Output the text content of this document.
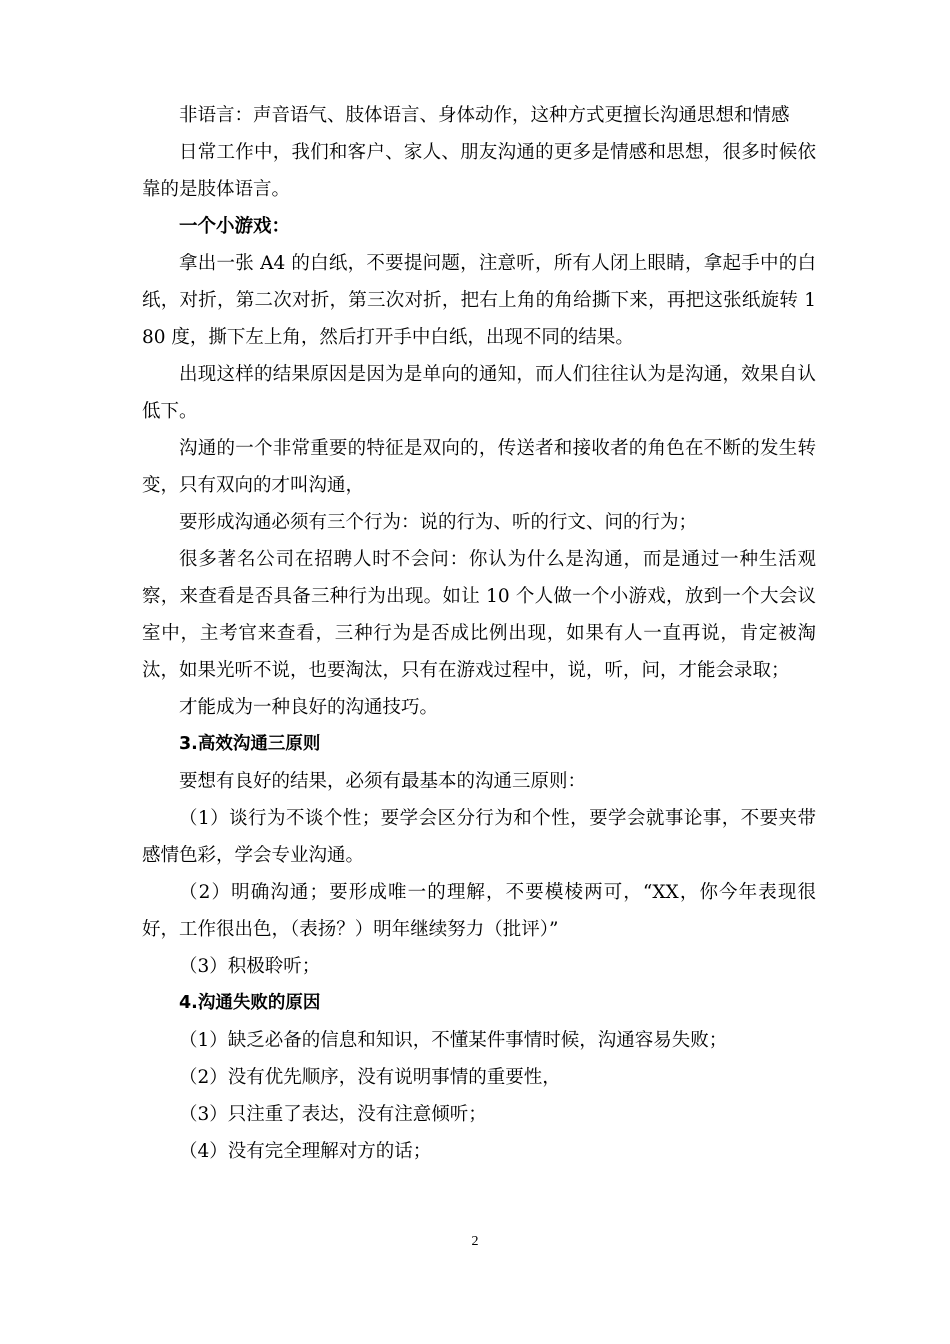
非语言：声音语气、肢体语言、身体动作，这种方式更擅长沟通思想和情感

日常工作中，我们和客户、家人、朋友沟通的更多是情感和思想，很多时候依靠的是肢体语言。

一个小游戏：

拿出一张 A4 的白纸，不要提问题，注意听，所有人闭上眼睛，拿起手中的白纸，对折，第二次对折，第三次对折，把右上角的角给撕下来，再把这张纸旋转 180 度，撕下左上角，然后打开手中白纸，出现不同的结果。

出现这样的结果原因是因为是单向的通知，而人们往往认为是沟通，效果自认低下。

沟通的一个非常重要的特征是双向的，传送者和接收者的角色在不断的发生转变，只有双向的才叫沟通，

要形成沟通必须有三个行为：说的行为、听的行文、问的行为；

很多著名公司在招聘人时不会问：你认为什么是沟通，而是通过一种生活观察，来查看是否具备三种行为出现。如让 10 个人做一个小游戏，放到一个大会议室中，主考官来查看，三种行为是否成比例出现，如果有人一直再说，肯定被淘汰，如果光听不说，也要淘汰，只有在游戏过程中，说，听，问，才能会录取；

才能成为一种良好的沟通技巧。

3.高效沟通三原则

要想有良好的结果，必须有最基本的沟通三原则：

（1）谈行为不谈个性；要学会区分行为和个性，要学会就事论事，不要夹带感情色彩，学会专业沟通。

（2）明确沟通；要形成唯一的理解，不要模棱两可，“XX，你今年表现很好，工作很出色，（表扬？）明年继续努力（批评）”

（3）积极聆听；

4.沟通失败的原因

（1）缺乏必备的信息和知识，不懂某件事情时候，沟通容易失败；

（2）没有优先顺序，没有说明事情的重要性，

（3）只注重了表达，没有注意倾听；

（4）没有完全理解对方的话；

2
